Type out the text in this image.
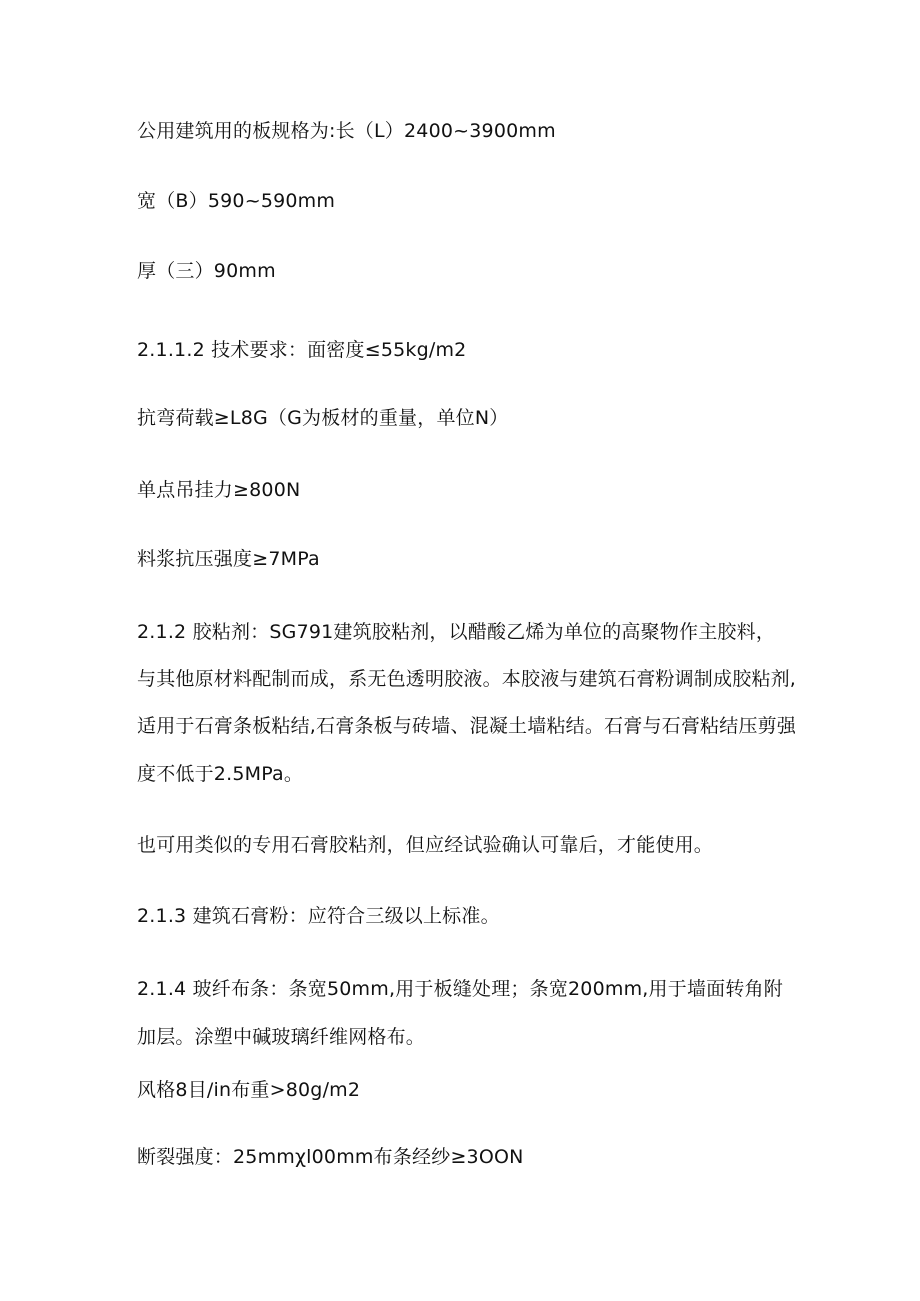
公用建筑用的板规格为:长（L）2400~3900mm
宽（B）590~590mm
厚（三）90mm
2.1.1.2 技术要求：面密度≤55kg∕m2
抗弯荷载≥L8G（G为板材的重量，单位N）
单点吊挂力≥800N
料浆抗压强度≥7MPa
2.1.2 胶粘剂：SG791建筑胶粘剂，以醋酸乙烯为单位的高聚物作主胶料，
与其他原材料配制而成，系无色透明胶液。本胶液与建筑石膏粉调制成胶粘剂,
适用于石膏条板粘结,石膏条板与砖墙、混凝土墙粘结。石膏与石膏粘结压剪强
度不低于2.5MPa。
也可用类似的专用石膏胶粘剂，但应经试验确认可靠后，才能使用。
2.1.3 建筑石膏粉：应符合三级以上标准。
2.1.4 玻纤布条：条宽50mm,用于板缝处理；条宽200mm,用于墙面转角附
加层。涂塑中碱玻璃纤维网格布。
风格8目/in布重>80g∕m2
断裂强度：25mmχl00mm布条经纱≥3OON
